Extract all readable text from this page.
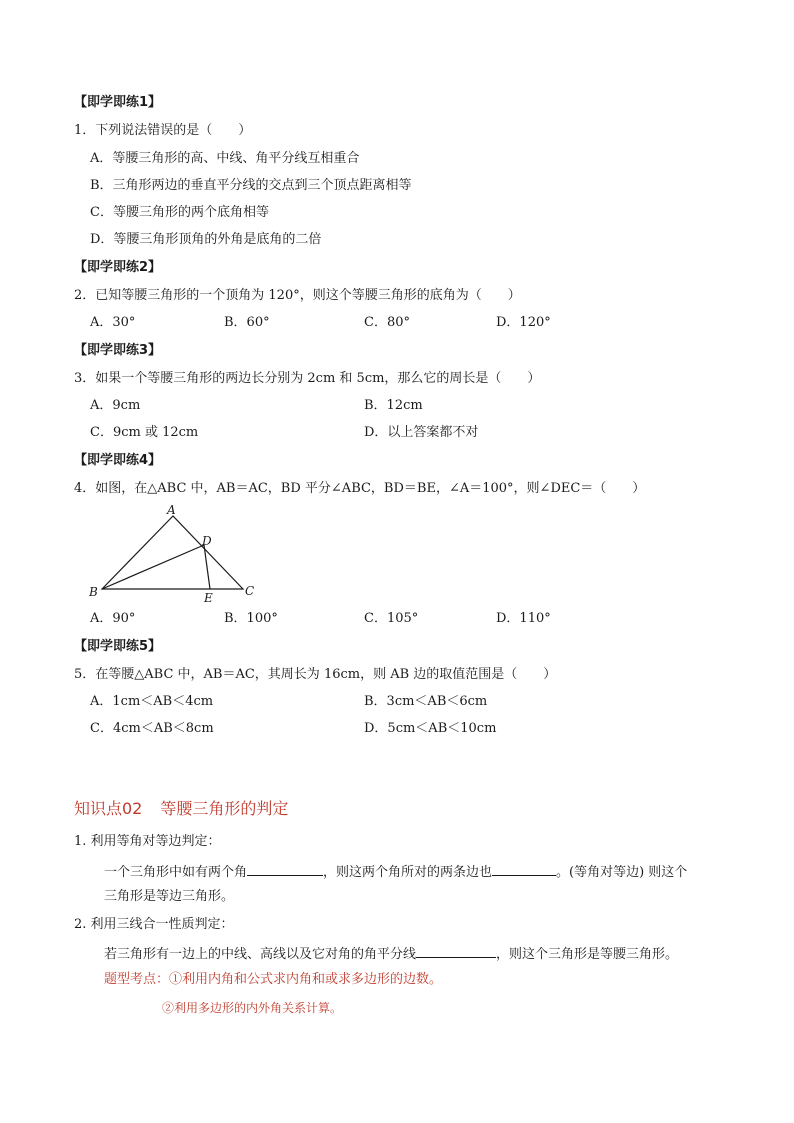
【即学即练1】
1．下列说法错误的是（　　）
A．等腰三角形的高、中线、角平分线互相重合
B．三角形两边的垂直平分线的交点到三个顶点距离相等
C．等腰三角形的两个底角相等
D．等腰三角形顶角的外角是底角的二倍
【即学即练2】
2．已知等腰三角形的一个顶角为 120°，则这个等腰三角形的底角为（　　）
A．30°	B．60°	C．80°	D．120°
【即学即练3】
3．如果一个等腰三角形的两边长分别为 2cm 和 5cm，那么它的周长是（　　）
A．9cm	B．12cm
C．9cm 或 12cm	D．以上答案都不对
【即学即练4】
4．如图，在△ABC 中，AB＝AC，BD 平分∠ABC，BD＝BE，∠A＝100°，则∠DEC＝（　　）
A
D
B	C
E
A．90°	B．100°	C．105°	D．110°
【即学即练5】
5．在等腰△ABC 中，AB＝AC，其周长为 16cm，则 AB 边的取值范围是（　　）
A．1cm＜AB＜4cm	B．3cm＜AB＜6cm
C．4cm＜AB＜8cm	D．5cm＜AB＜10cm
知识点02 等腰三角形的判定
1. 利用等角对等边判定：
一个三角形中如有两个角	，则这两个角所对的两条边也	。(等角对等边) 则这个
三角形是等边三角形。
2. 利用三线合一性质判定：
若三角形有一边上的中线、高线以及它对角的角平分线	，则这个三角形是等腰三角形。
题型考点：①利用内角和公式求内角和或求多边形的边数。
②利用多边形的内外角关系计算。
